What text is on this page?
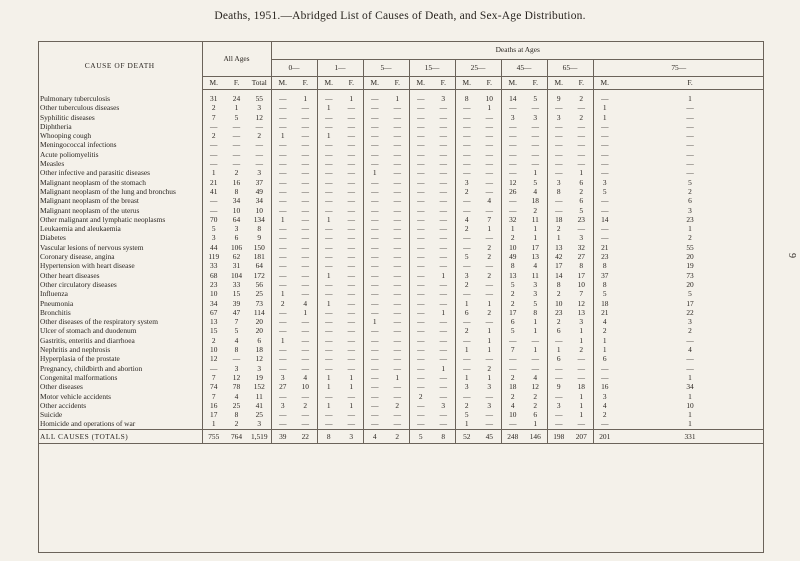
Deaths, 1951.—Abridged List of Causes of Death, and Sex-Age Distribution.
9
CAUSE OF DEATH	All Ages			Deaths at Ages															
				0—		1—		5—		15—		25—		45—		65—		75—	
	M.	F.	Total	M.	F.	M.	F.	M.	F.	M.	F.	M.	F.	M.	F.	M.	F.	M.	F.
Pulmonary tuberculosis	31	24	55	—	1	—	1	—	1	—	3	8	10	14	5	9	2	—	1
Other tuberculous diseases	2	1	3	—	—	1	—	—	—	—	—	—	1	—	—	—	—	1	—
Syphilitic diseases	7	5	12	—	—	—	—	—	—	—	—	—	—	3	3	3	2	1	—
Diphtheria	—	—	—	—	—	—	—	—	—	—	—	—	—	—	—	—	—	—	—
Whooping cough	2	—	2	1	—	1	—	—	—	—	—	—	—	—	—	—	—	—	—
Meningococcal infections	—	—	—	—	—	—	—	—	—	—	—	—	—	—	—	—	—	—	—
Acute poliomyelitis	—	—	—	—	—	—	—	—	—	—	—	—	—	—	—	—	—	—	—
Measles	—	—	—	—	—	—	—	—	—	—	—	—	—	—	—	—	—	—	—
Other infective and parasitic diseases	1	2	3	—	—	—	—	1	—	—	—	—	—	—	1	—	1	—	—
Malignant neoplasm of the stomach	21	16	37	—	—	—	—	—	—	—	—	3	—	12	5	3	6	3	5
Malignant neoplasm of the lung and bronchus	41	8	49	—	—	—	—	—	—	—	—	2	—	26	4	8	2	5	2
Malignant neoplasm of the breast	—	34	34	—	—	—	—	—	—	—	—	—	4	—	18	—	6	—	6
Malignant neoplasm of the uterus	—	10	10	—	—	—	—	—	—	—	—	—	—	—	2	—	5	—	3
Other malignant and lymphatic neoplasms	70	64	134	1	—	1	—	—	—	—	—	4	7	32	11	18	23	14	23
Leukaemia and aleukaemia	5	3	8	—	—	—	—	—	—	—	—	2	1	1	1	2	—	—	1
Diabetes	3	6	9	—	—	—	—	—	—	—	—	—	—	2	1	1	3	—	2
Vascular lesions of nervous system	44	106	150	—	—	—	—	—	—	—	—	—	2	10	17	13	32	21	55
Coronary disease, angina	119	62	181	—	—	—	—	—	—	—	—	5	2	49	13	42	27	23	20
Hypertension with heart disease	33	31	64	—	—	—	—	—	—	—	—	—	—	8	4	17	8	8	19
Other heart diseases	68	104	172	—	—	1	—	—	—	—	1	3	2	13	11	14	17	37	73
Other circulatory diseases	23	33	56	—	—	—	—	—	—	—	—	2	—	5	3	8	10	8	20
Influenza	10	15	25	1	—	—	—	—	—	—	—	—	—	2	3	2	7	5	5
Pneumonia	34	39	73	2	4	1	—	—	—	—	—	1	1	2	5	10	12	18	17
Bronchitis	67	47	114	—	1	—	—	—	—	—	1	6	2	17	8	23	13	21	22
Other diseases of the respiratory system	13	7	20	—	—	—	—	1	—	—	—	—	—	6	1	2	3	4	3
Ulcer of stomach and duodenum	15	5	20	—	—	—	—	—	—	—	—	2	1	5	1	6	1	2	2
Gastritis, enteritis and diarrhoea	2	4	6	1	—	—	—	—	—	—	—	—	1	—	—	—	1	1	—
Nephritis and nephrosis	10	8	18	—	—	—	—	—	—	—	—	1	1	7	1	1	2	1	4
Hyperplasia of the prostate	12	—	12	—	—	—	—	—	—	—	—	—	—	—	—	6	—	6	—
Pregnancy, childbirth and abortion	—	3	3	—	—	—	—	—	—	—	1	—	2	—	—	—	—	—	—
Congenital malformations	7	12	19	3	4	1	1	—	1	—	—	1	1	2	4	—	—	—	1
Other diseases	74	78	152	27	10	1	1	—	—	—	—	3	3	18	12	9	18	16	34
Motor vehicle accidents	7	4	11	—	—	—	—	—	—	2	—	—	—	2	2	—	1	3	1
Other accidents	16	25	41	3	2	1	1	—	2	—	3	2	3	4	2	3	1	4	10
Suicide	17	8	25	—	—	—	—	—	—	—	—	5	—	10	6	—	1	2	1
Homicide and operations of war	1	2	3	—	—	—	—	—	—	—	—	1	—	—	1	—	—	—	1
ALL CAUSES (TOTALS)	755	764	1,519	39	22	8	3	4	2	5	8	52	45	248	146	198	207	201	331
